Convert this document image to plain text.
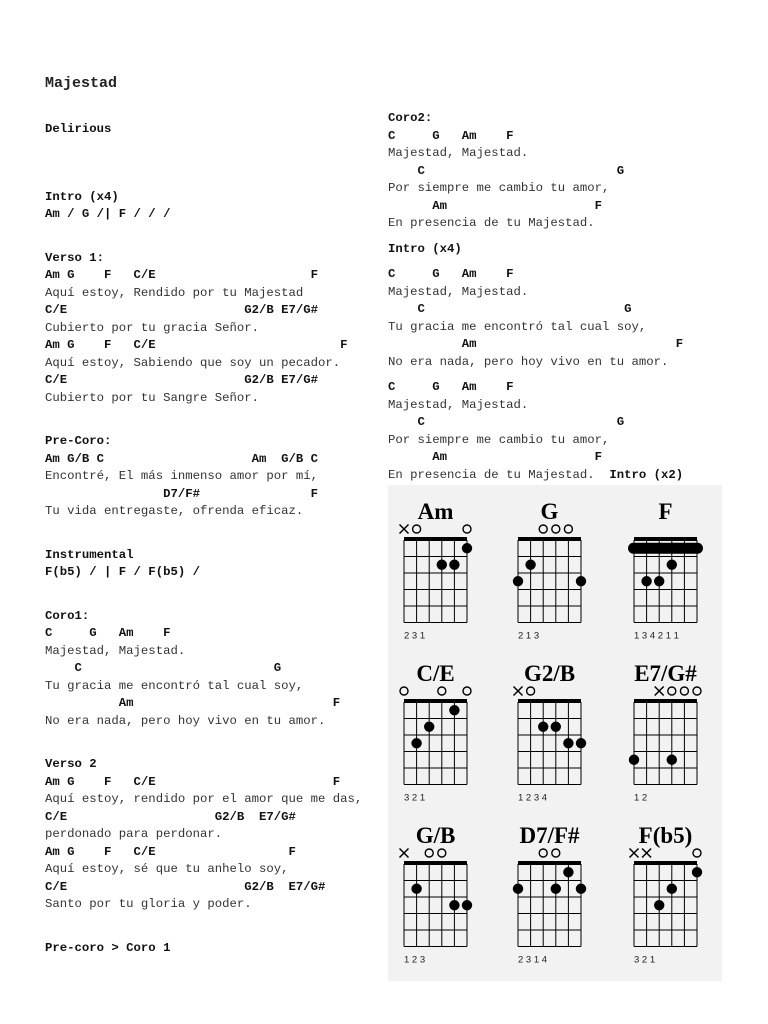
Majestad

Delirious

Intro (x4)
Am / G /| F / / /
Verso 1:
Am G    F   C/E                     F
Aquí estoy, Rendido por tu Majestad
C/E                        G2/B E7/G#
Cubierto por tu gracia Señor.
Am G    F   C/E                         F
Aquí estoy, Sabiendo que soy un pecador.
C/E                        G2/B E7/G#
Cubierto por tu Sangre Señor.
Pre-Coro:
Am G/B C                    Am  G/B C
Encontré, El más inmenso amor por mí,
D7/F#               F
Tu vida entregaste, ofrenda eficaz.
Instrumental
F(b5) / | F / F(b5) /
Coro1:
C     G   Am    F
Majestad, Majestad.
C                          G
Tu gracia me encontró tal cual soy,
Am                           F
No era nada, pero hoy vivo en tu amor.
Verso 2
Am G    F   C/E                        F
Aquí estoy, rendido por el amor que me das,
C/E                    G2/B  E7/G#
perdonado para perdonar.
Am G    F   C/E                  F
Aquí estoy, sé que tu anhelo soy,
C/E                        G2/B  E7/G#
Santo por tu gloria y poder.
Pre-coro > Coro 1

Coro2:
C     G   Am    F
Majestad, Majestad.
C                          G
Por siempre me cambio tu amor,
Am                    F
En presencia de tu Majestad.
Intro (x4)
C     G   Am    F
Majestad, Majestad.
C                           G
Tu gracia me encontró tal cual soy,
Am                           F
No era nada, pero hoy vivo en tu amor.
C     G   Am    F
Majestad, Majestad.
C                          G
Por siempre me cambio tu amor,
Am                    F
En presencia de tu Majestad.  Intro (x2)

Am
2 3 1
G
2 1 3
F
1 3 4 2 1 1
C/E
3 2 1
G2/B
1 2 3 4
E7/G#
1 2
G/B
1 2 3
D7/F#
2 3 1 4
F(b5)
3 2 1
